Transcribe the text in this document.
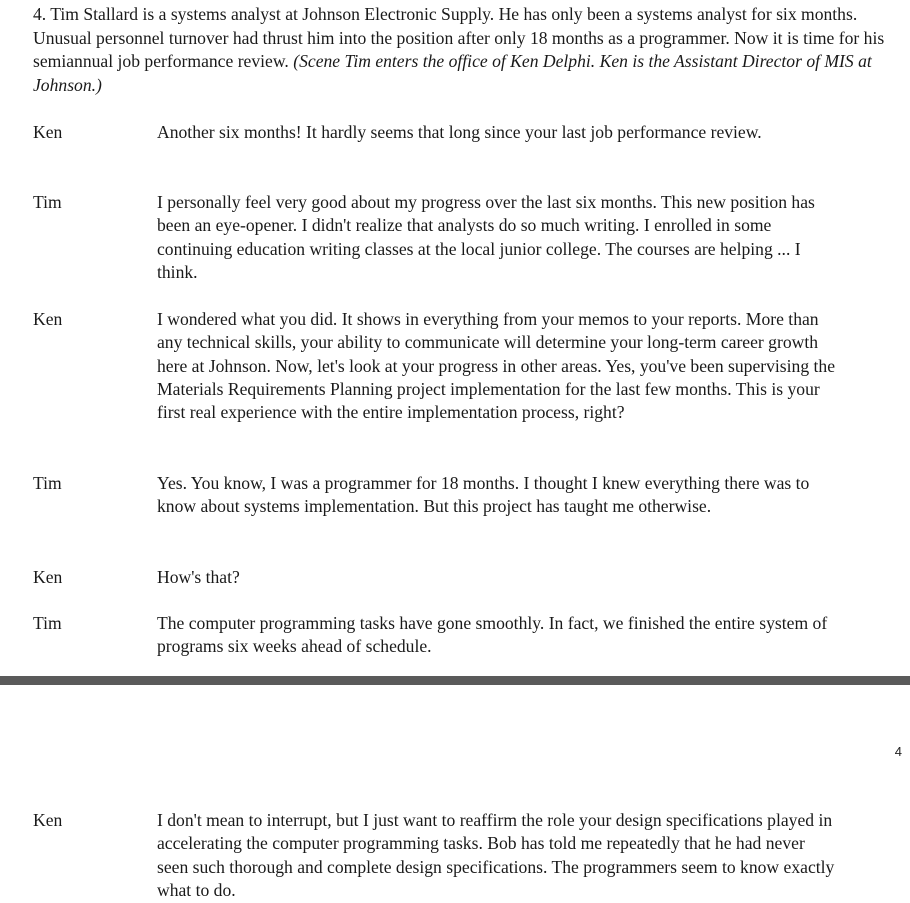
4. Tim Stallard is a systems analyst at Johnson Electronic Supply. He has only been a systems analyst for six months. Unusual personnel turnover had thrust him into the position after only 18 months as a programmer. Now it is time for his semiannual job performance review. (Scene Tim enters the office of Ken Delphi. Ken is the Assistant Director of MIS at Johnson.)
Ken	Another six months! It hardly seems that long since your last job performance review.
Tim	I personally feel very good about my progress over the last six months. This new position has been an eye-opener. I didn't realize that analysts do so much writing. I enrolled in some continuing education writing classes at the local junior college. The courses are helping ... I think.
Ken	I wondered what you did. It shows in everything from your memos to your reports. More than any technical skills, your ability to communicate will determine your long-term career growth here at Johnson. Now, let's look at your progress in other areas. Yes, you've been supervising the Materials Requirements Planning project implementation for the last few months. This is your first real experience with the entire implementation process, right?
Tim	Yes. You know, I was a programmer for 18 months. I thought I knew everything there was to know about systems implementation. But this project has taught me otherwise.
Ken	How's that?
Tim	The computer programming tasks have gone smoothly. In fact, we finished the entire system of programs six weeks ahead of schedule.
4
Ken	I don't mean to interrupt, but I just want to reaffirm the role your design specifications played in accelerating the computer programming tasks. Bob has told me repeatedly that he had never seen such thorough and complete design specifications. The programmers seem to know exactly what to do.
